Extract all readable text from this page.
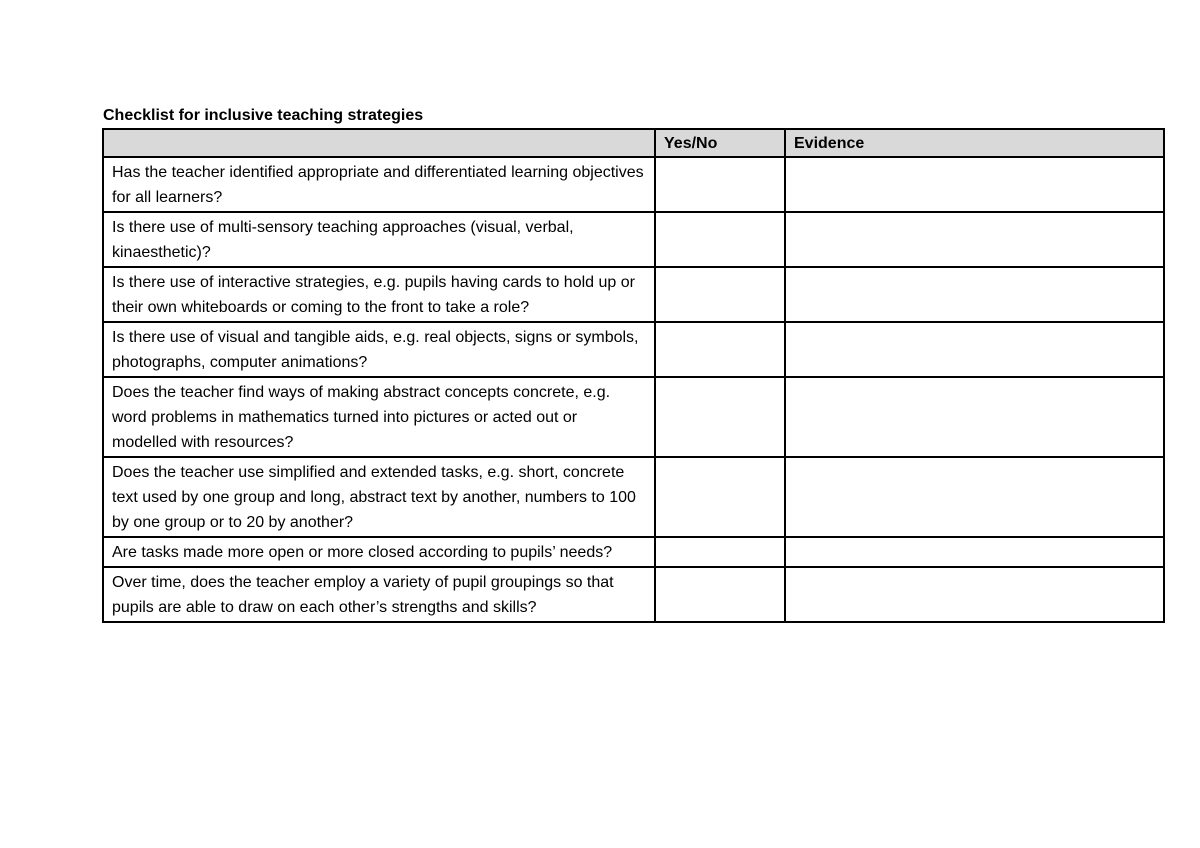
Checklist for inclusive teaching strategies
	Yes/No	Evidence
Has the teacher identified appropriate and differentiated learning objectives for all learners?		
Is there use of multi-sensory teaching approaches (visual, verbal, kinaesthetic)?		
Is there use of interactive strategies, e.g. pupils having cards to hold up or their own whiteboards or coming to the front to take a role?		
Is there use of visual and tangible aids, e.g. real objects, signs or symbols, photographs, computer animations?		
Does the teacher find ways of making abstract concepts concrete, e.g. word problems in mathematics turned into pictures or acted out or modelled with resources?		
Does the teacher use simplified and extended tasks, e.g. short, concrete text used by one group and long, abstract text by another, numbers to 100 by one group or to 20 by another?		
Are tasks made more open or more closed according to pupils’ needs?		
Over time, does the teacher employ a variety of pupil groupings so that pupils are able to draw on each other’s strengths and skills?		
